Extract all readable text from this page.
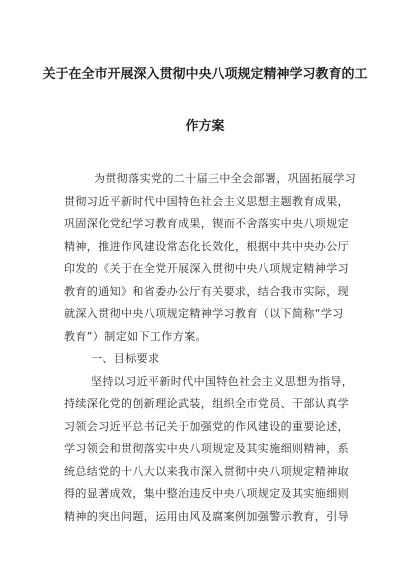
关于在全市开展深入贯彻中央八项规定精神学习教育的工
作方案
为贯彻落实党的二十届三中全会部署，巩固拓展学习
贯彻习近平新时代中国特色社会主义思想主题教育成果，
巩固深化党纪学习教育成果，锲而不舍落实中央八项规定
精神，推进作风建设常态化长效化，根据中共中央办公厅
印发的《关于在全党开展深入贯彻中央八项规定精神学习
教育的通知》和省委办公厅有关要求，结合我市实际，现
就深入贯彻中央八项规定精神学习教育（以下简称“学习
教育”）制定如下工作方案。
一、目标要求
坚持以习近平新时代中国特色社会主义思想为指导，
持续深化党的创新理论武装，组织全市党员、干部认真学
习领会习近平总书记关于加强党的作风建设的重要论述，
学习领会和贯彻落实中央八项规定及其实施细则精神，系
统总结党的十八大以来我市深入贯彻中央八项规定精神取
得的显著成效，集中整治违反中央八项规定及其实施细则
精神的突出问题，运用由风及腐案例加强警示教育，引导
